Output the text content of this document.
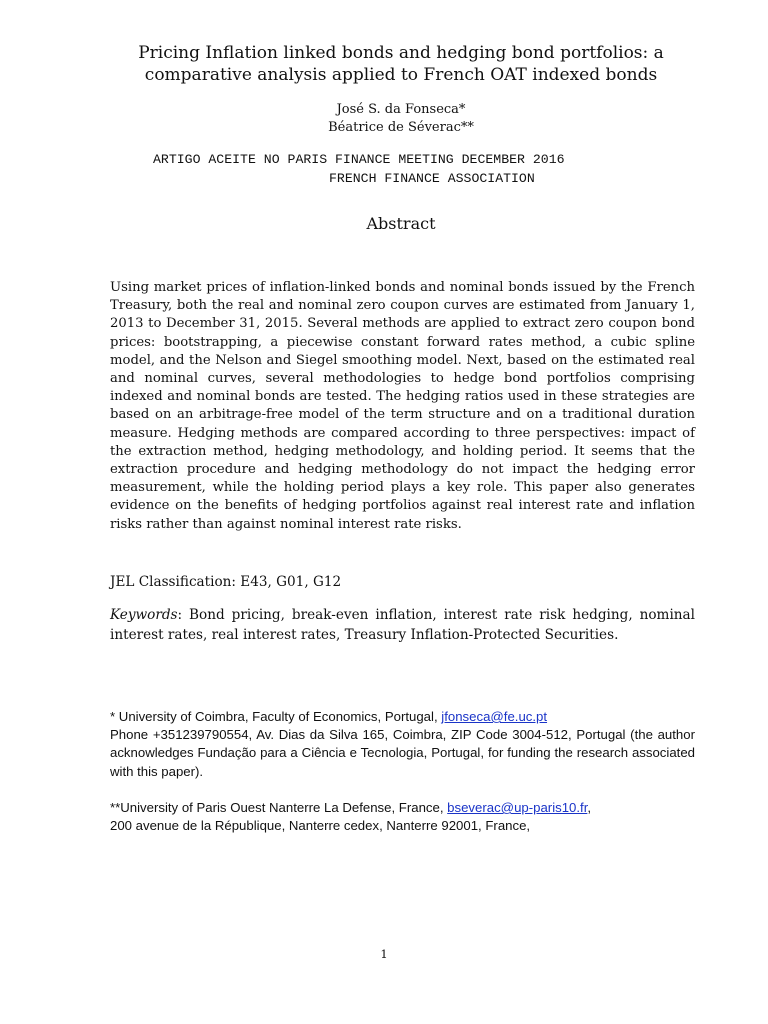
Pricing Inflation linked bonds and hedging bond portfolios: a
comparative analysis applied to French OAT indexed bonds
José S. da Fonseca*
Béatrice de Séverac**
ARTIGO ACEITE NO PARIS FINANCE MEETING DECEMBER 2016
FRENCH FINANCE ASSOCIATION
Abstract

Using market prices of inflation-linked bonds and nominal bonds issued by the French Treasury, both the real and nominal zero coupon curves are estimated from January 1, 2013 to December 31, 2015. Several methods are applied to extract zero coupon bond prices: bootstrapping, a piecewise constant forward rates method, a cubic spline model, and the Nelson and Siegel smoothing model. Next, based on the estimated real and nominal curves, several methodologies to hedge bond portfolios comprising indexed and nominal bonds are tested. The hedging ratios used in these strategies are based on an arbitrage-free model of the term structure and on a traditional duration measure. Hedging methods are compared according to three perspectives: impact of the extraction method, hedging methodology, and holding period. It seems that the extraction procedure and hedging methodology do not impact the hedging error measurement, while the holding period plays a key role. This paper also generates evidence on the benefits of hedging portfolios against real interest rate and inflation risks rather than against nominal interest rate risks.

JEL Classification: E43, G01, G12

Keywords: Bond pricing, break-even inflation, interest rate risk hedging, nominal interest rates, real interest rates, Treasury Inflation-Protected Securities.

* University of Coimbra, Faculty of Economics, Portugal, jfonseca@fe.uc.pt
Phone +351239790554, Av. Dias da Silva 165, Coimbra, ZIP Code 3004-512, Portugal (the author acknowledges Fundação para a Ciência e Tecnologia, Portugal, for funding the research associated with this paper).

**University of Paris Ouest Nanterre La Defense, France, bseverac@up-paris10.fr,
200 avenue de la République, Nanterre cedex, Nanterre 92001, France,

1
